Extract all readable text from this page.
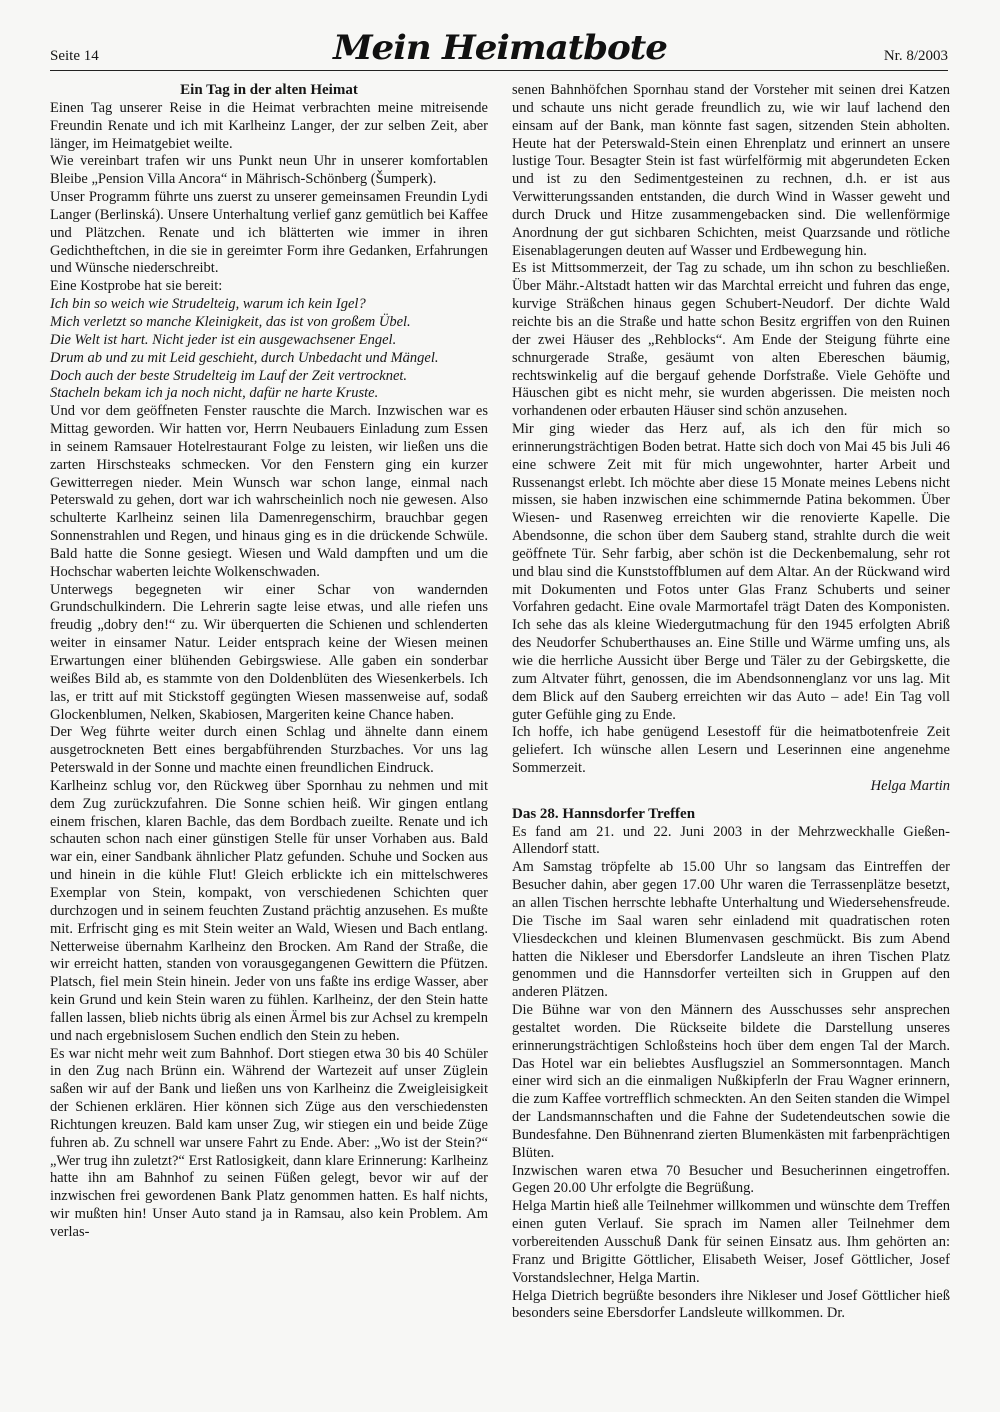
Seite 14	Mein Heimatbote	Nr. 8/2003
Ein Tag in der alten Heimat

Einen Tag unserer Reise in die Heimat verbrachten meine mitreisende Freundin Renate und ich mit Karlheinz Langer, der zur selben Zeit, aber länger, im Heimatgebiet weilte.

Wie vereinbart trafen wir uns Punkt neun Uhr in unserer komfortablen Bleibe „Pension Villa Ancora“ in Mährisch-Schönberg (Šumperk).

Unser Programm führte uns zuerst zu unserer gemeinsamen Freundin Lydi Langer (Berlinská). Unsere Unterhaltung verlief ganz gemütlich bei Kaffee und Plätzchen. Renate und ich blätterten wie immer in ihren Gedichtheftchen, in die sie in gereimter Form ihre Gedanken, Erfahrungen und Wünsche niederschreibt.

Eine Kostprobe hat sie bereit:

Ich bin so weich wie Strudelteig, warum ich kein Igel?
Mich verletzt so manche Kleinigkeit, das ist von großem Übel.
Die Welt ist hart. Nicht jeder ist ein ausgewachsener Engel.
Drum ab und zu mit Leid geschieht, durch Unbedacht und Mängel.
Doch auch der beste Strudelteig im Lauf der Zeit vertrocknet.
Stacheln bekam ich ja noch nicht, dafür ne harte Kruste.

Und vor dem geöffneten Fenster rauschte die March. Inzwischen war es Mittag geworden. Wir hatten vor, Herrn Neubauers Einladung zum Essen in seinem Ramsauer Hotelrestaurant Folge zu leisten, wir ließen uns die zarten Hirschsteaks schmecken. Vor den Fenstern ging ein kurzer Gewitterregen nieder. Mein Wunsch war schon lange, einmal nach Peterswald zu gehen, dort war ich wahrscheinlich noch nie gewesen. Also schulterte Karlheinz seinen lila Damenregenschirm, brauchbar gegen Sonnenstrahlen und Regen, und hinaus ging es in die drückende Schwüle. Bald hatte die Sonne gesiegt. Wiesen und Wald dampften und um die Hochschar waberten leichte Wolkenschwaden.

Unterwegs begegneten wir einer Schar von wandernden Grundschulkindern. Die Lehrerin sagte leise etwas, und alle riefen uns freudig „dobry den!“ zu. Wir überquerten die Schienen und schlenderten weiter in einsamer Natur. Leider entsprach keine der Wiesen meinen Erwartungen einer blühenden Gebirgswiese. Alle gaben ein sonderbar weißes Bild ab, es stammte von den Doldenblüten des Wiesenkerbels. Ich las, er tritt auf mit Stickstoff gegüngten Wiesen massenweise auf, sodaß Glockenblumen, Nelken, Skabiosen, Margeriten keine Chance haben.

Der Weg führte weiter durch einen Schlag und ähnelte dann einem ausgetrockneten Bett eines bergabführenden Sturzbaches. Vor uns lag Peterswald in der Sonne und machte einen freundlichen Eindruck.

Karlheinz schlug vor, den Rückweg über Spornhau zu nehmen und mit dem Zug zurückzufahren. Die Sonne schien heiß. Wir gingen entlang einem frischen, klaren Bachle, das dem Bordbach zueilte. Renate und ich schauten schon nach einer günstigen Stelle für unser Vorhaben aus. Bald war ein, einer Sandbank ähnlicher Platz gefunden. Schuhe und Socken aus und hinein in die kühle Flut! Gleich erblickte ich ein mittelschweres Exemplar von Stein, kompakt, von verschiedenen Schichten quer durchzogen und in seinem feuchten Zustand prächtig anzusehen. Es mußte mit. Erfrischt ging es mit Stein weiter an Wald, Wiesen und Bach entlang. Netterweise übernahm Karlheinz den Brocken. Am Rand der Straße, die wir erreicht hatten, standen von vorausgegangenen Gewittern die Pfützen. Platsch, fiel mein Stein hinein. Jeder von uns faßte ins erdige Wasser, aber kein Grund und kein Stein waren zu fühlen. Karlheinz, der den Stein hatte fallen lassen, blieb nichts übrig als einen Ärmel bis zur Achsel zu krempeln und nach ergebnislosem Suchen endlich den Stein zu heben.

Es war nicht mehr weit zum Bahnhof. Dort stiegen etwa 30 bis 40 Schüler in den Zug nach Brünn ein. Während der Wartezeit auf unser Züglein saßen wir auf der Bank und ließen uns von Karlheinz die Zweigleisigkeit der Schienen erklären. Hier können sich Züge aus den verschiedensten Richtungen kreuzen. Bald kam unser Zug, wir stiegen ein und beide Züge fuhren ab. Zu schnell war unsere Fahrt zu Ende. Aber: „Wo ist der Stein?“ „Wer trug ihn zuletzt?“ Erst Ratlosigkeit, dann klare Erinnerung: Karlheinz hatte ihn am Bahnhof zu seinen Füßen gelegt, bevor wir auf der inzwischen frei gewordenen Bank Platz genommen hatten. Es half nichts, wir mußten hin! Unser Auto stand ja in Ramsau, also kein Problem. Am verlas-

senen Bahnhöfchen Spornhau stand der Vorsteher mit seinen drei Katzen und schaute uns nicht gerade freundlich zu, wie wir lauf lachend den einsam auf der Bank, man könnte fast sagen, sitzenden Stein abholten. Heute hat der Peterswald-Stein einen Ehrenplatz und erinnert an unsere lustige Tour. Besagter Stein ist fast würfelförmig mit abgerundeten Ecken und ist zu den Sedimentgesteinen zu rechnen, d.h. er ist aus Verwitterungssanden entstanden, die durch Wind in Wasser geweht und durch Druck und Hitze zusammengebacken sind. Die wellenförmige Anordnung der gut sichbaren Schichten, meist Quarzsande und rötliche Eisenablagerungen deuten auf Wasser und Erdbewegung hin.

Es ist Mittsommerzeit, der Tag zu schade, um ihn schon zu beschließen. Über Mähr.-Altstadt hatten wir das Marchtal erreicht und fuhren das enge, kurvige Sträßchen hinaus gegen Schubert-Neudorf. Der dichte Wald reichte bis an die Straße und hatte schon Besitz ergriffen von den Ruinen der zwei Häuser des „Rehblocks“. Am Ende der Steigung führte eine schnurgerade Straße, gesäumt von alten Ebereschen bäumig, rechtswinkelig auf die bergauf gehende Dorfstraße. Viele Gehöfte und Häuschen gibt es nicht mehr, sie wurden abgerissen. Die meisten noch vorhandenen oder erbauten Häuser sind schön anzusehen.

Mir ging wieder das Herz auf, als ich den für mich so erinnerungsträchtigen Boden betrat. Hatte sich doch von Mai 45 bis Juli 46 eine schwere Zeit mit für mich ungewohnter, harter Arbeit und Russenangst erlebt. Ich möchte aber diese 15 Monate meines Lebens nicht missen, sie haben inzwischen eine schimmernde Patina bekommen. Über Wiesen- und Rasenweg erreichten wir die renovierte Kapelle. Die Abendsonne, die schon über dem Sauberg stand, strahlte durch die weit geöffnete Tür. Sehr farbig, aber schön ist die Deckenbemalung, sehr rot und blau sind die Kunststoffblumen auf dem Altar. An der Rückwand wird mit Dokumenten und Fotos unter Glas Franz Schuberts und seiner Vorfahren gedacht. Eine ovale Marmortafel trägt Daten des Komponisten. Ich sehe das als kleine Wiedergutmachung für den 1945 erfolgten Abriß des Neudorfer Schuberthauses an. Eine Stille und Wärme umfing uns, als wie die herrliche Aussicht über Berge und Täler zu der Gebirgskette, die zum Altvater führt, genossen, die im Abendsonnenglanz vor uns lag. Mit dem Blick auf den Sauberg erreichten wir das Auto – ade! Ein Tag voll guter Gefühle ging zu Ende.

Ich hoffe, ich habe genügend Lesestoff für die heimatbotenfreie Zeit geliefert. Ich wünsche allen Lesern und Leserinnen eine angenehme Sommerzeit.

Helga Martin
Das 28. Hannsdorfer Treffen

Es fand am 21. und 22. Juni 2003 in der Mehrzweckhalle Gießen-Allendorf statt.

Am Samstag tröpfelte ab 15.00 Uhr so langsam das Eintreffen der Besucher dahin, aber gegen 17.00 Uhr waren die Terrassenplätze besetzt, an allen Tischen herrschte lebhafte Unterhaltung und Wiedersehensfreude. Die Tische im Saal waren sehr einladend mit quadratischen roten Vliesdeckchen und kleinen Blumenvasen geschmückt. Bis zum Abend hatten die Nikleser und Ebersdorfer Landsleute an ihren Tischen Platz genommen und die Hannsdorfer verteilten sich in Gruppen auf den anderen Plätzen.

Die Bühne war von den Männern des Ausschusses sehr ansprechen gestaltet worden. Die Rückseite bildete die Darstellung unseres erinnerungsträchtigen Schloßsteins hoch über dem engen Tal der March. Das Hotel war ein beliebtes Ausflugsziel an Sommersonntagen. Manch einer wird sich an die einmaligen Nußkipferln der Frau Wagner erinnern, die zum Kaffee vortrefflich schmeckten. An den Seiten standen die Wimpel der Landsmannschaften und die Fahne der Sudetendeutschen sowie die Bundesfahne. Den Bühnenrand zierten Blumenkästen mit farbenprächtigen Blüten.

Inzwischen waren etwa 70 Besucher und Besucherinnen eingetroffen. Gegen 20.00 Uhr erfolgte die Begrüßung.

Helga Martin hieß alle Teilnehmer willkommen und wünschte dem Treffen einen guten Verlauf. Sie sprach im Namen aller Teilnehmer dem vorbereitenden Ausschuß Dank für seinen Einsatz aus. Ihm gehörten an: Franz und Brigitte Göttlicher, Elisabeth Weiser, Josef Göttlicher, Josef Vorstandslechner, Helga Martin.

Helga Dietrich begrüßte besonders ihre Nikleser und Josef Göttlicher hieß besonders seine Ebersdorfer Landsleute willkommen. Dr.
